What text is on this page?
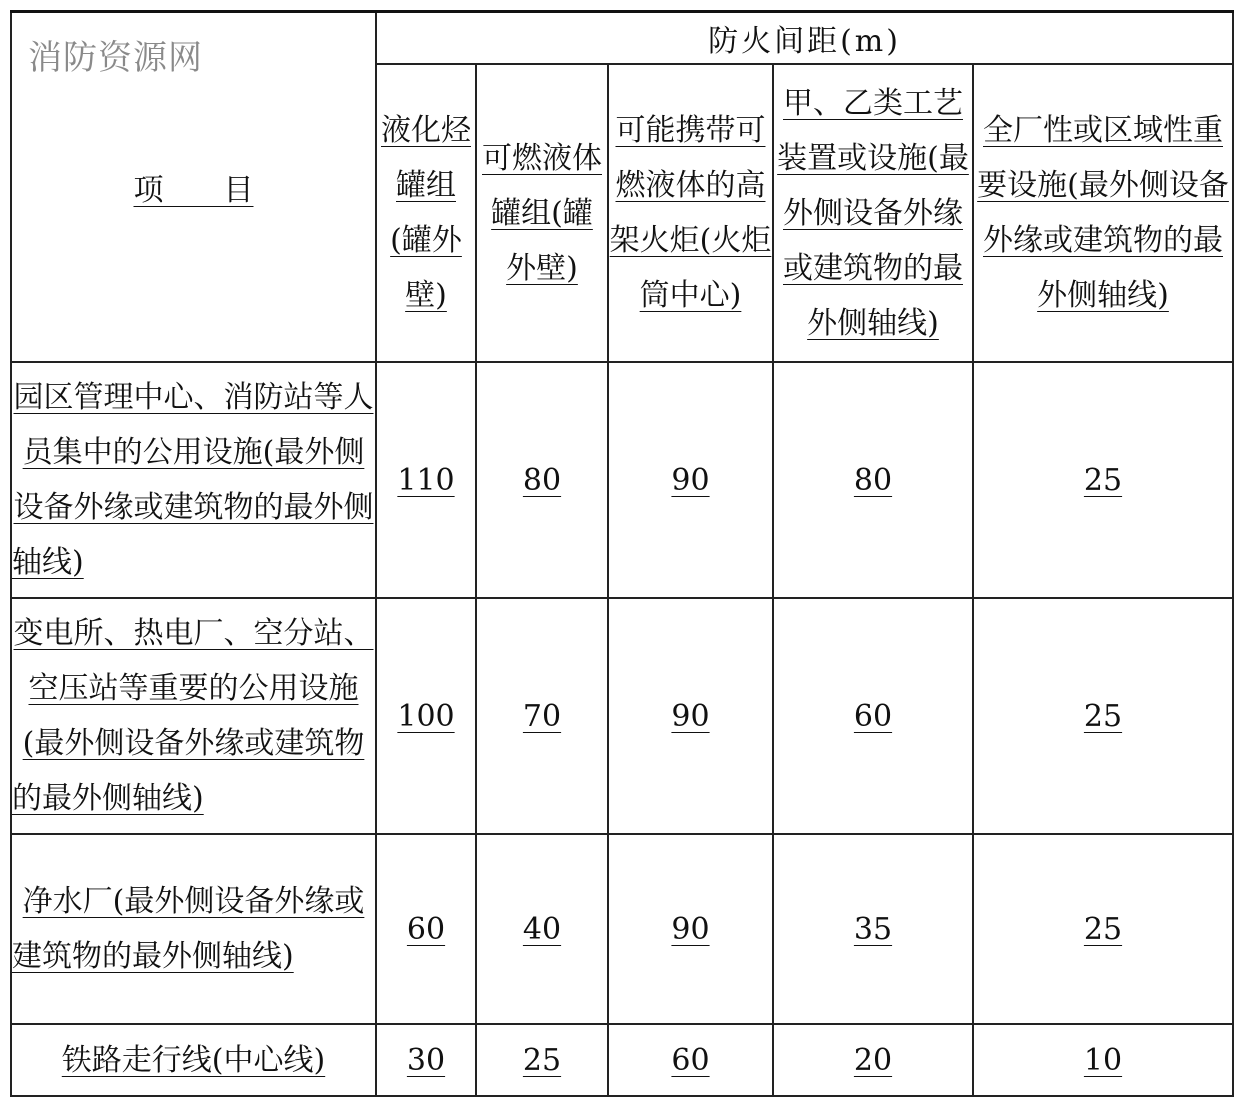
项　　目	防火间距(m)				
	液化烃罐组(罐外壁)	可燃液体罐组(罐外壁)	可能携带可燃液体的高架火炬(火炬筒中心)	甲、乙类工艺装置或设施(最外侧设备外缘或建筑物的最外侧轴线)	全厂性或区域性重要设施(最外侧设备外缘或建筑物的最外侧轴线)
园区管理中心、消防站等人员集中的公用设施(最外侧设备外缘或建筑物的最外侧轴线)	110	80	90	80	25
变电所、热电厂、空分站、空压站等重要的公用设施(最外侧设备外缘或建筑物的最外侧轴线)	100	70	90	60	25
净水厂(最外侧设备外缘或建筑物的最外侧轴线)	60	40	90	35	25
铁路走行线(中心线)	30	25	60	20	10
消防资源网
